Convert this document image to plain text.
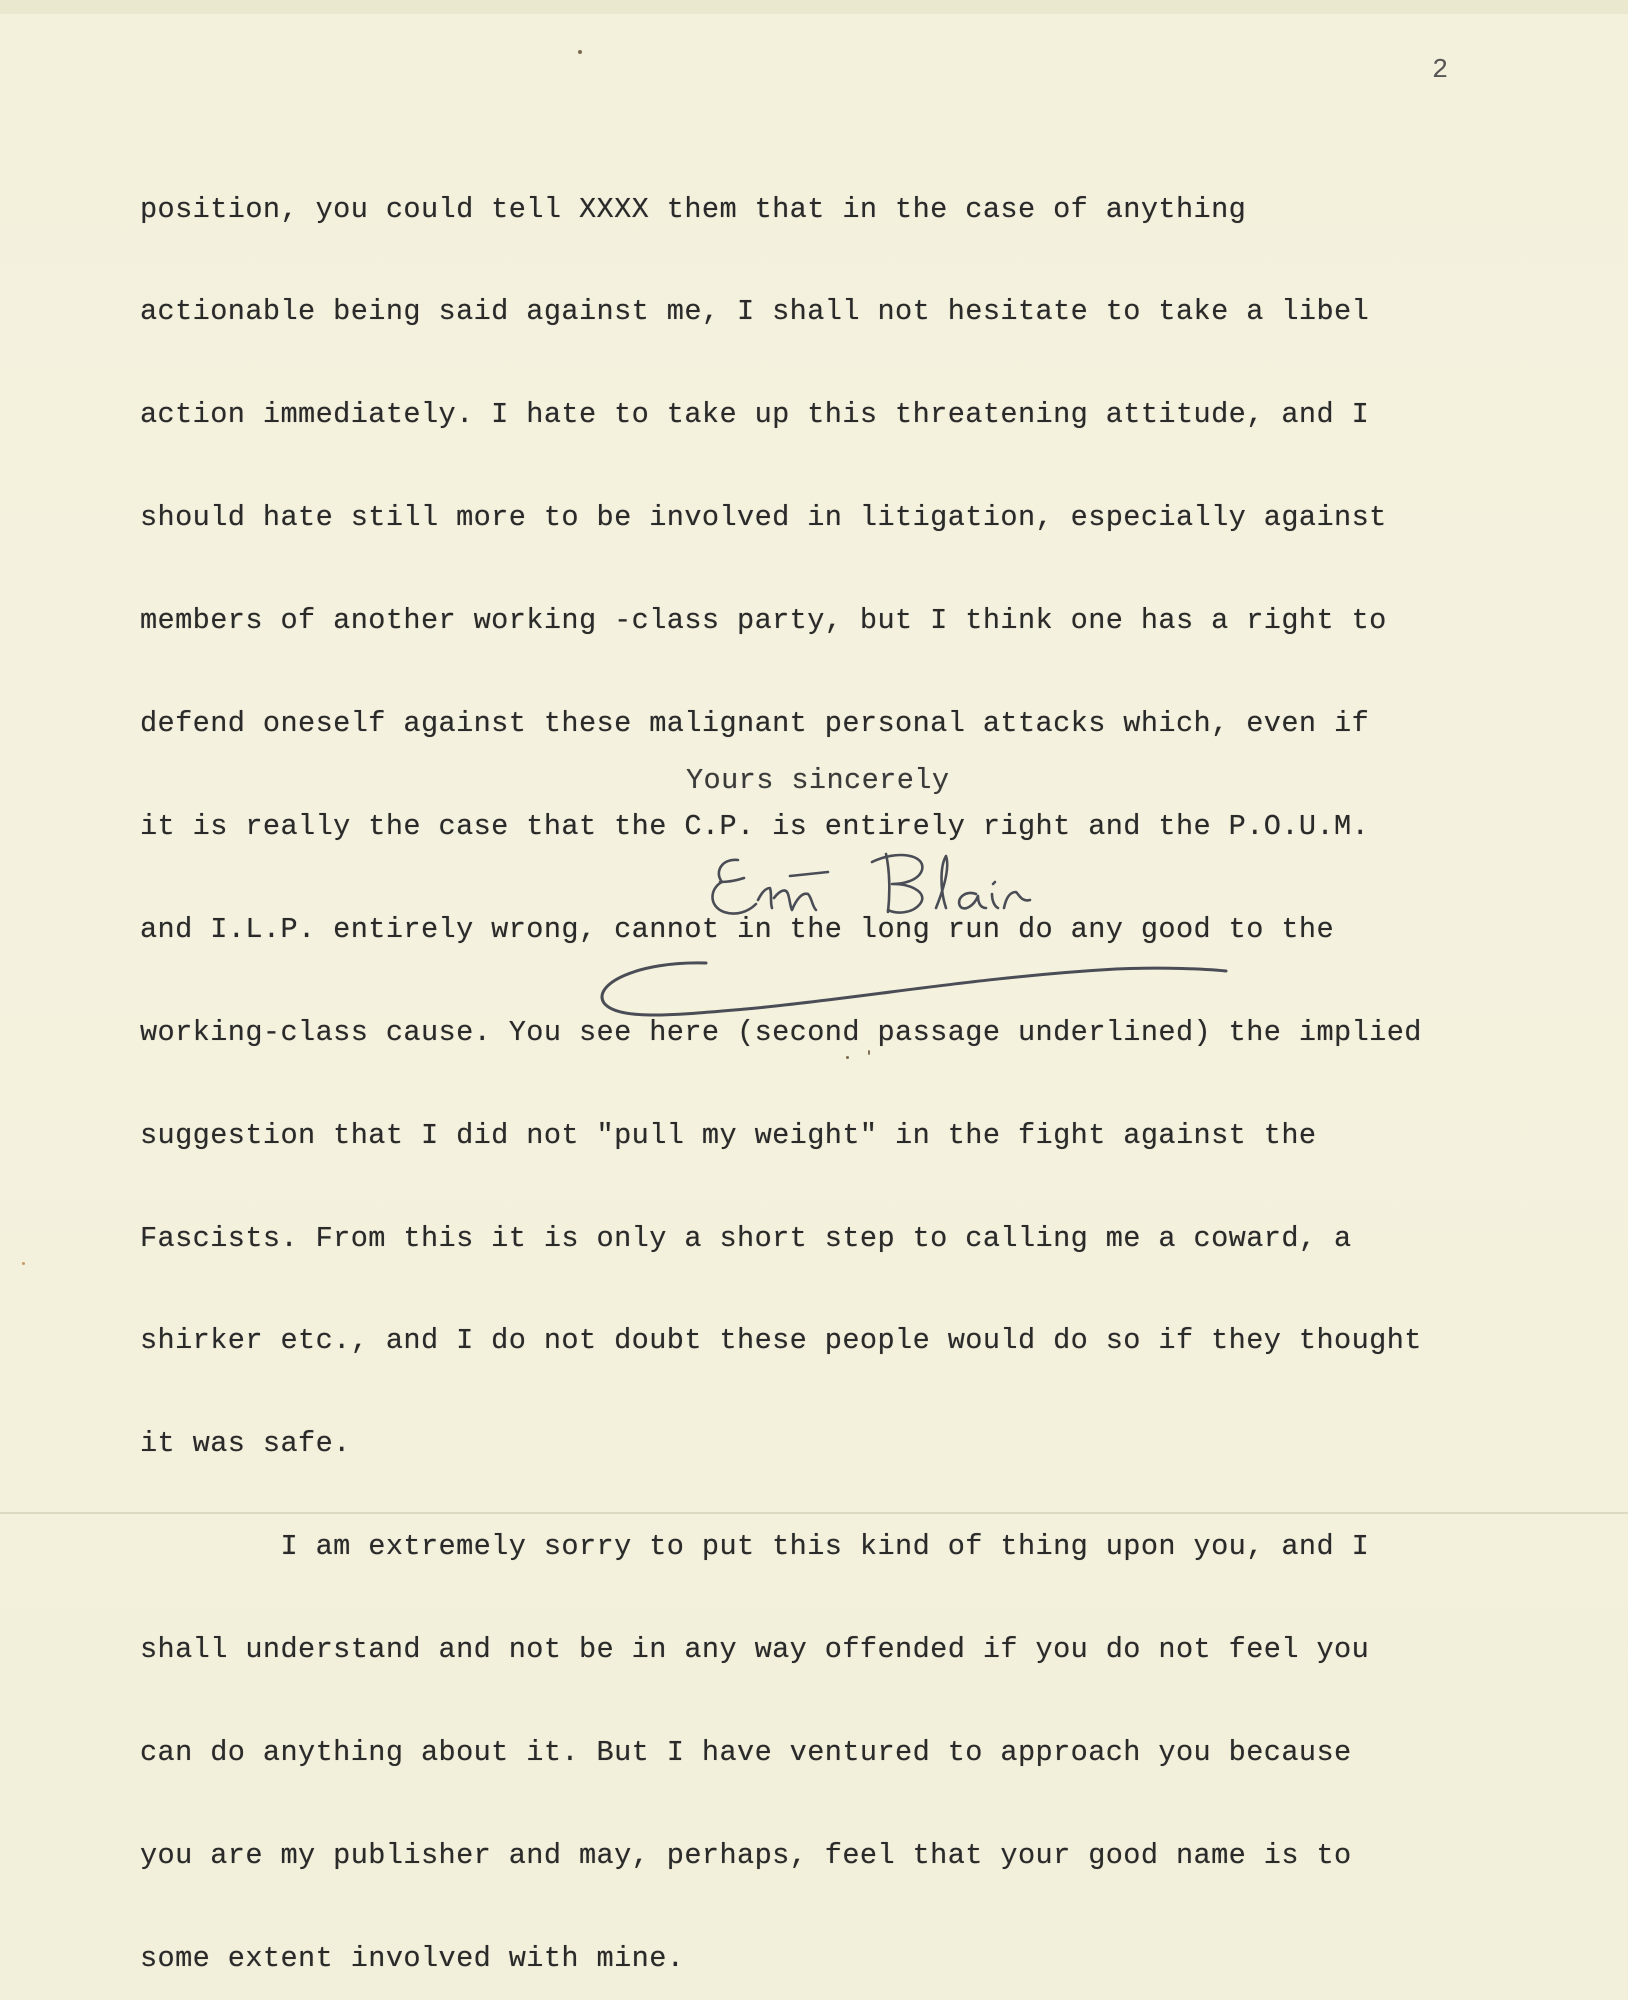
2

position, you could tell XXXX them that in the case of anything

actionable being said against me, I shall not hesitate to take a libel

action immediately. I hate to take up this threatening attitude, and I

should hate still more to be involved in litigation, especially against

members of another working -class party, but I think one has a right to

defend oneself against these malignant personal attacks which, even if

it is really the case that the C.P. is entirely right and the P.O.U.M.

and I.L.P. entirely wrong, cannot in the long run do any good to the

working-class cause. You see here (second passage underlined) the implied

suggestion that I did not "pull my weight" in the fight against the

Fascists. From this it is only a short step to calling me a coward, a

shirker etc., and I do not doubt these people would do so if they thought

it was safe.

I am extremely sorry to put this kind of thing upon you, and I

shall understand and not be in any way offended if you do not feel you

can do anything about it. But I have ventured to approach you because

you are my publisher and may, perhaps, feel that your good name is to

some extent involved with mine.

Yours sincerely
